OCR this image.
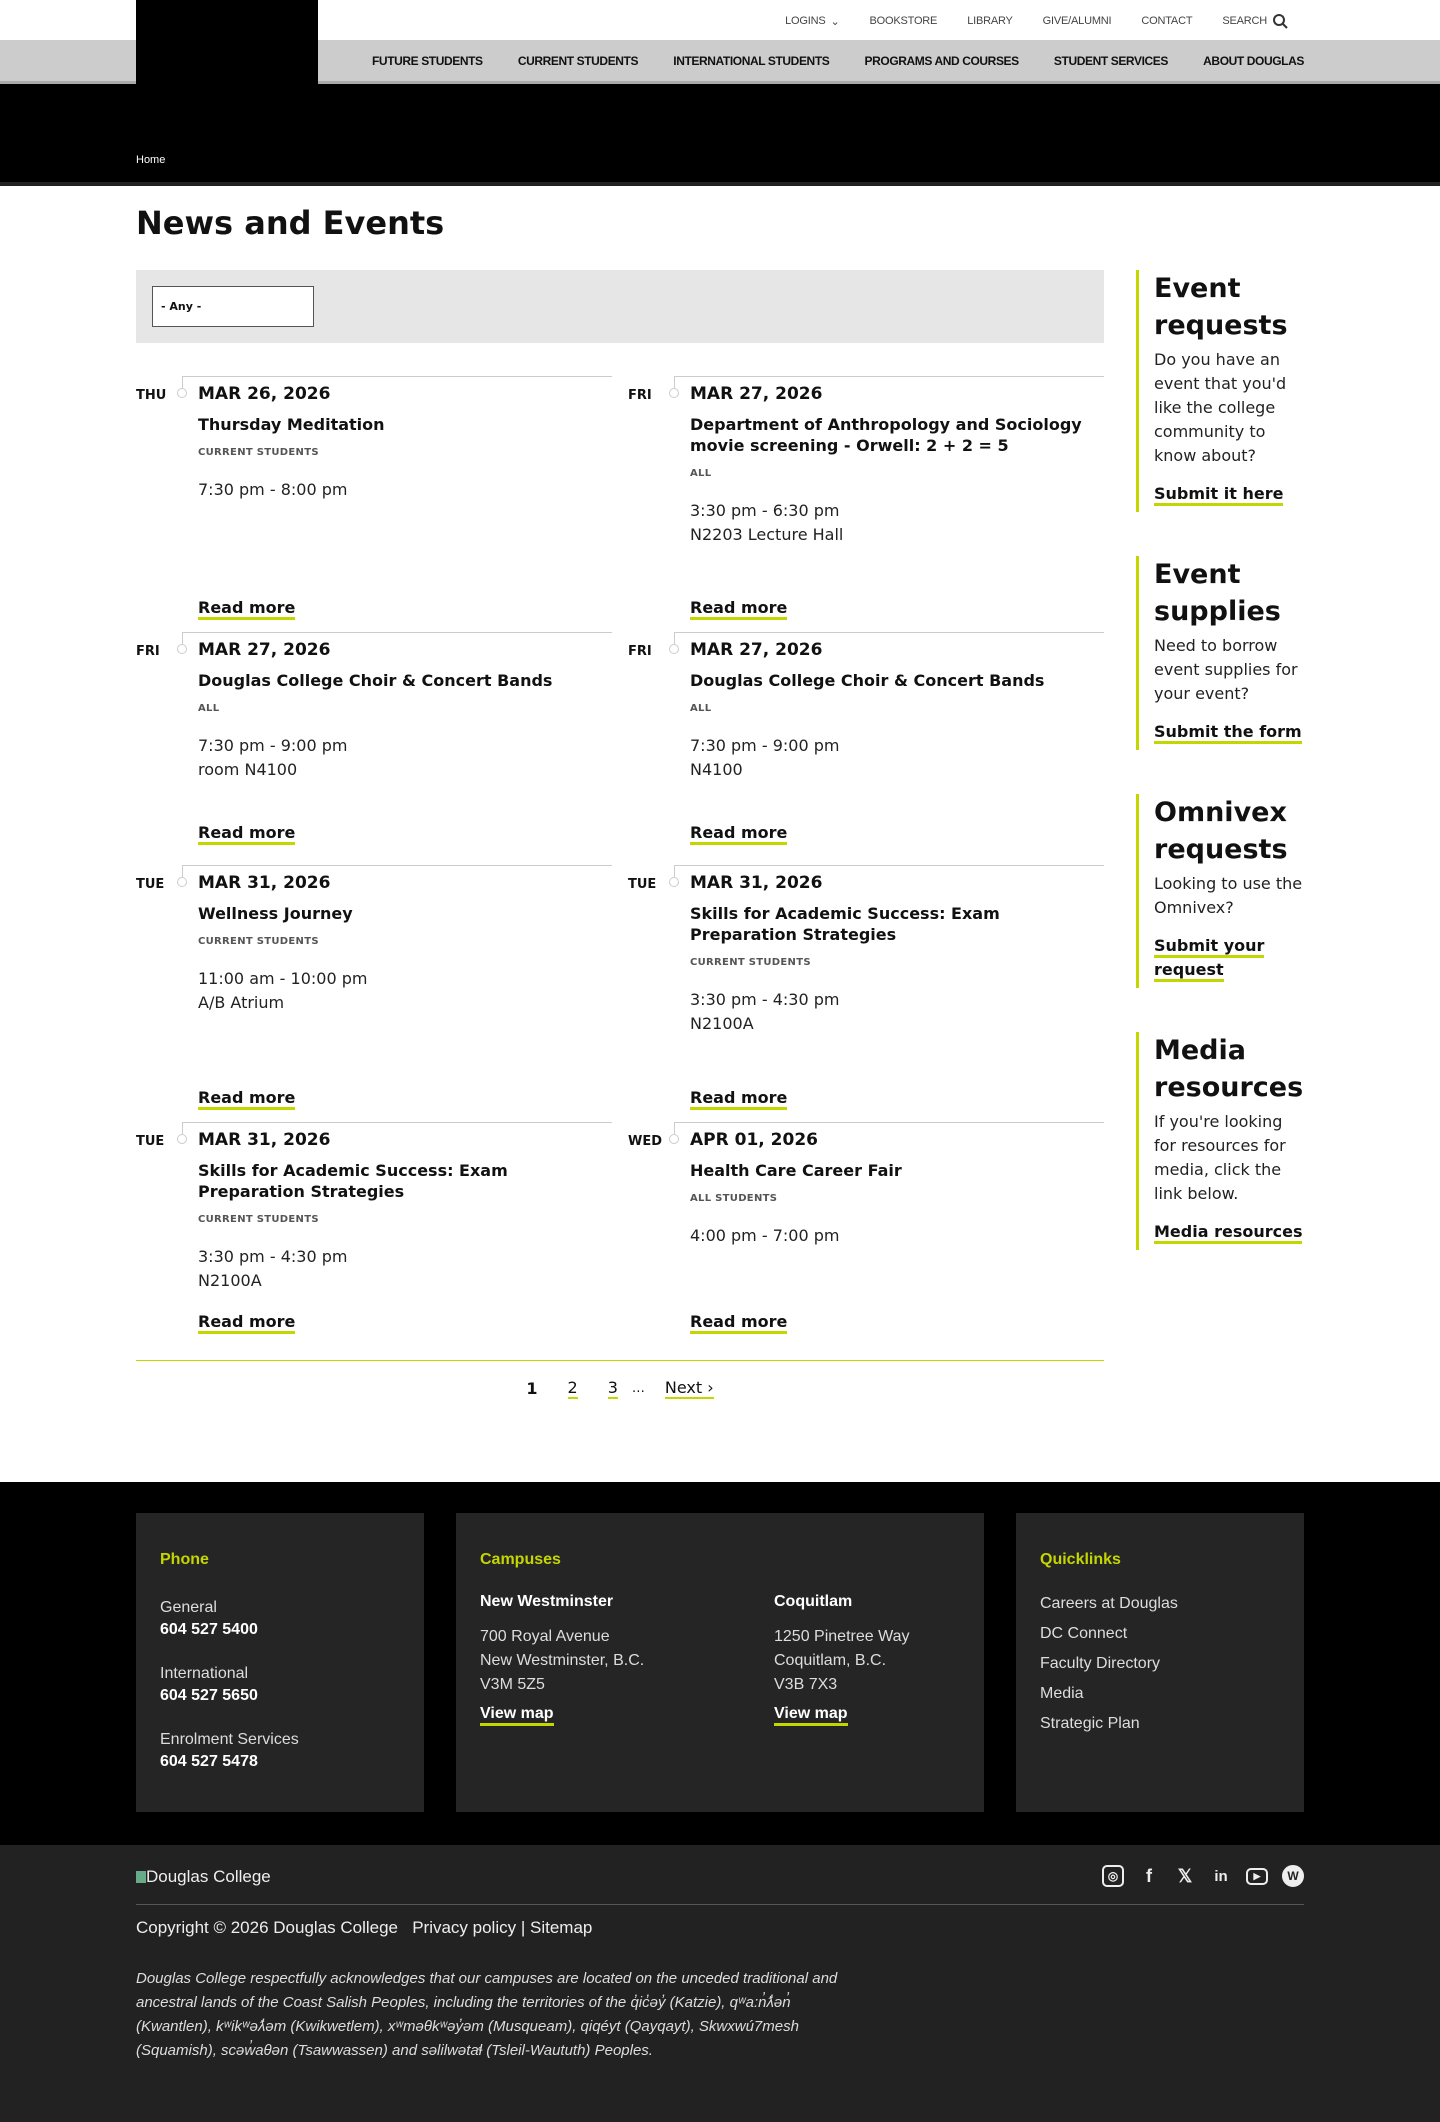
LOGINS ⌄	BOOKSTORE	LIBRARY	GIVE/ALUMNI	CONTACT	SEARCH
FUTURE STUDENTS	CURRENT STUDENTS	INTERNATIONAL STUDENTS	PROGRAMS AND COURSES	STUDENT SERVICES	ABOUT DOUGLAS
Home
News and Events
- Any -
THU MAR 26, 2026
Thursday Meditation
CURRENT STUDENTS
7:30 pm - 8:00 pm
Read more
FRI MAR 27, 2026
Department of Anthropology and Sociology movie screening - Orwell: 2 + 2 = 5
ALL
3:30 pm - 6:30 pm
N2203 Lecture Hall
Read more
FRI MAR 27, 2026
Douglas College Choir & Concert Bands
ALL
7:30 pm - 9:00 pm
room N4100
Read more
FRI MAR 27, 2026
Douglas College Choir & Concert Bands
ALL
7:30 pm - 9:00 pm
N4100
Read more
TUE MAR 31, 2026
Wellness Journey
CURRENT STUDENTS
11:00 am - 10:00 pm
A/B Atrium
Read more
TUE MAR 31, 2026
Skills for Academic Success: Exam Preparation Strategies
CURRENT STUDENTS
3:30 pm - 4:30 pm
N2100A
Read more
TUE MAR 31, 2026
Skills for Academic Success: Exam Preparation Strategies
CURRENT STUDENTS
3:30 pm - 4:30 pm
N2100A
Read more
WED APR 01, 2026
Health Care Career Fair
ALL STUDENTS
4:00 pm - 7:00 pm
Read more
1 2 3 … Next ›
Event requests

Do you have an event that you'd like the college community to know about?

Submit it here
Event supplies

Need to borrow event supplies for your event?

Submit the form
Omnivex requests

Looking to use the Omnivex?

Submit your request
Media resources

If you're looking for resources for media, click the link below.

Media resources
Phone
General
604 527 5400
International
604 527 5650
Enrolment Services
604 527 5478
Campuses
New Westminster
700 Royal Avenue
New Westminster, B.C.
V3M 5Z5
View map
Coquitlam
1250 Pinetree Way
Coquitlam, B.C.
V3B 7X3
View map
Quicklinks
Careers at Douglas
DC Connect
Faculty Directory
Media
Strategic Plan
Douglas College	◎	f	𝕏 in	▶	W
Copyright © 2026 Douglas College Privacy policy | Sitemap
Douglas College respectfully acknowledges that our campuses are located on the unceded traditional and ancestral lands of the Coast Salish Peoples, including the territories of the q̓ic̓əy̓ (Katzie), qʷa:n̓ƛ̓ən̓ (Kwantlen), kʷikʷəƛ̓əm (Kwikwetlem), xʷməθkʷəy̓əm (Musqueam), qiqéyt (Qayqayt), Skwxwú7mesh (Squamish), scəw̓aθən (Tsawwassen) and səlilwətaɬ (Tsleil-Waututh) Peoples.
